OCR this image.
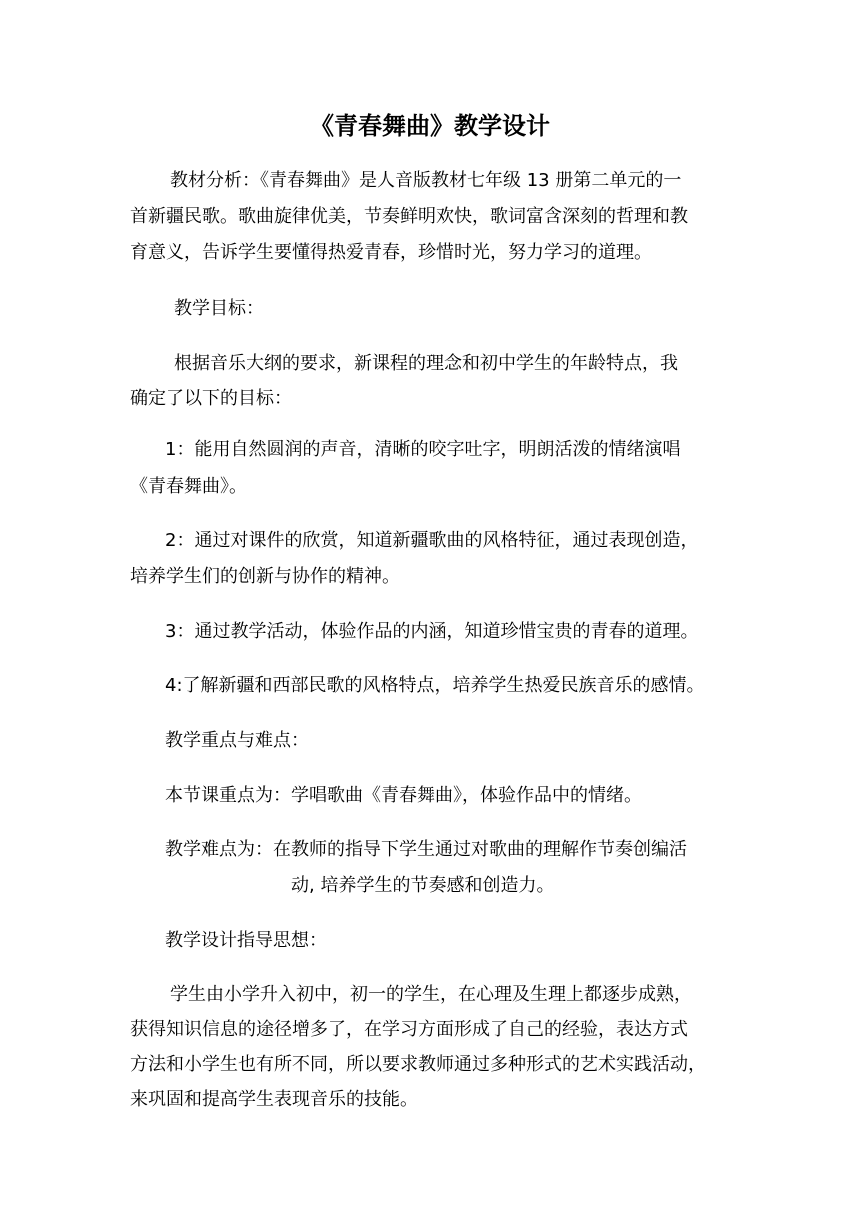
《青春舞曲》教学设计
教材分析：《青春舞曲》是人音版教材七年级 13 册第二单元的一
首新疆民歌。歌曲旋律优美，节奏鲜明欢快，歌词富含深刻的哲理和教
育意义，告诉学生要懂得热爱青春，珍惜时光，努力学习的道理。
教学目标：
根据音乐大纲的要求，新课程的理念和初中学生的年龄特点，我
确定了以下的目标：
1：能用自然圆润的声音，清晰的咬字吐字，明朗活泼的情绪演唱
《青春舞曲》。
2：通过对课件的欣赏，知道新疆歌曲的风格特征，通过表现创造，
培养学生们的创新与协作的精神。
3：通过教学活动，体验作品的内涵，知道珍惜宝贵的青春的道理。
4:了解新疆和西部民歌的风格特点，培养学生热爱民族音乐的感情。
教学重点与难点：
本节课重点为：学唱歌曲《青春舞曲》，体验作品中的情绪。
教学难点为：在教师的指导下学生通过对歌曲的理解作节奏创编活
动, 培养学生的节奏感和创造力。
教学设计指导思想：
学生由小学升入初中，初一的学生，在心理及生理上都逐步成熟，
获得知识信息的途径增多了，在学习方面形成了自己的经验，表达方式
方法和小学生也有所不同，所以要求教师通过多种形式的艺术实践活动，
来巩固和提高学生表现音乐的技能。
